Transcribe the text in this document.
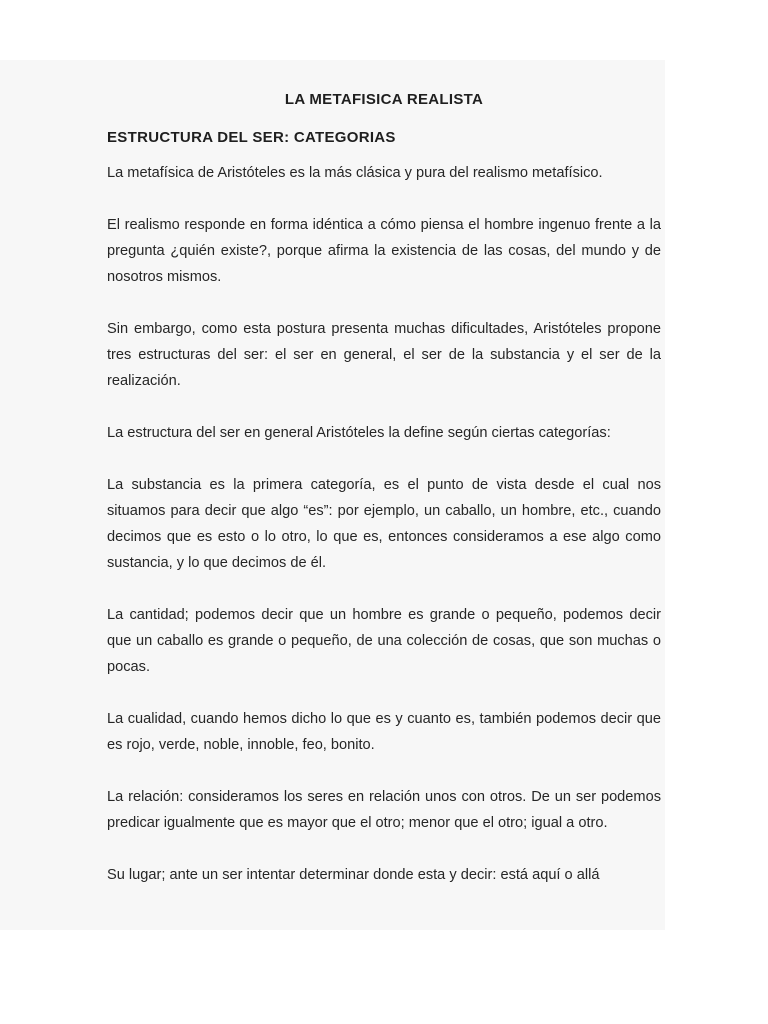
LA METAFISICA REALISTA
ESTRUCTURA DEL SER: CATEGORIAS

La metafísica de Aristóteles es la más clásica y pura del realismo metafísico.

El realismo responde en forma idéntica a cómo piensa el hombre ingenuo frente a la pregunta ¿quién existe?, porque afirma la existencia de las cosas, del mundo y de nosotros mismos.

Sin embargo, como esta postura presenta muchas dificultades, Aristóteles propone tres estructuras del ser: el ser en general, el ser de la substancia y el ser de la realización.

La estructura del ser en general Aristóteles la define según ciertas categorías:

La substancia es la primera categoría, es el punto de vista desde el cual nos situamos para decir que algo “es”: por ejemplo, un caballo, un hombre, etc., cuando decimos que es esto o lo otro, lo que es, entonces consideramos a ese algo como sustancia, y lo que decimos de él.

La cantidad; podemos decir que un hombre es grande o pequeño, podemos decir que un caballo es grande o pequeño, de una colección de cosas, que son muchas o pocas.

La cualidad, cuando hemos dicho lo que es y cuanto es, también podemos decir que es rojo, verde, noble, innoble, feo, bonito.

La relación: consideramos los seres en relación unos con otros. De un ser podemos predicar igualmente que es mayor que el otro; menor que el otro; igual a otro.

Su lugar; ante un ser intentar determinar donde esta y decir: está aquí o allá
